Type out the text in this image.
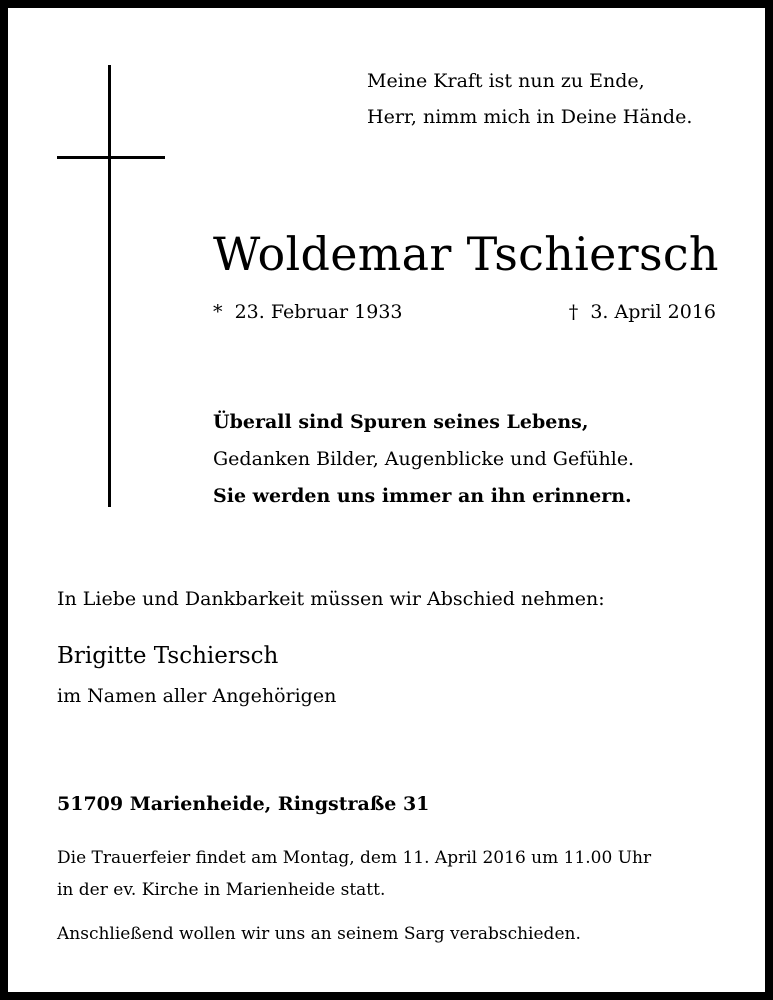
Meine Kraft ist nun zu Ende,
Herr, nimm mich in Deine Hände.
Woldemar Tschiersch
* 23. Februar 1933	† 3. April 2016
Überall sind Spuren seines Lebens,
Gedanken Bilder, Augenblicke und Gefühle.
Sie werden uns immer an ihn erinnern.
In Liebe und Dankbarkeit müssen wir Abschied nehmen:
Brigitte Tschiersch
im Namen aller Angehörigen
51709 Marienheide, Ringstraße 31
Die Trauerfeier findet am Montag, dem 11. April 2016 um 11.00 Uhr
in der ev. Kirche in Marienheide statt.
Anschließend wollen wir uns an seinem Sarg verabschieden.
